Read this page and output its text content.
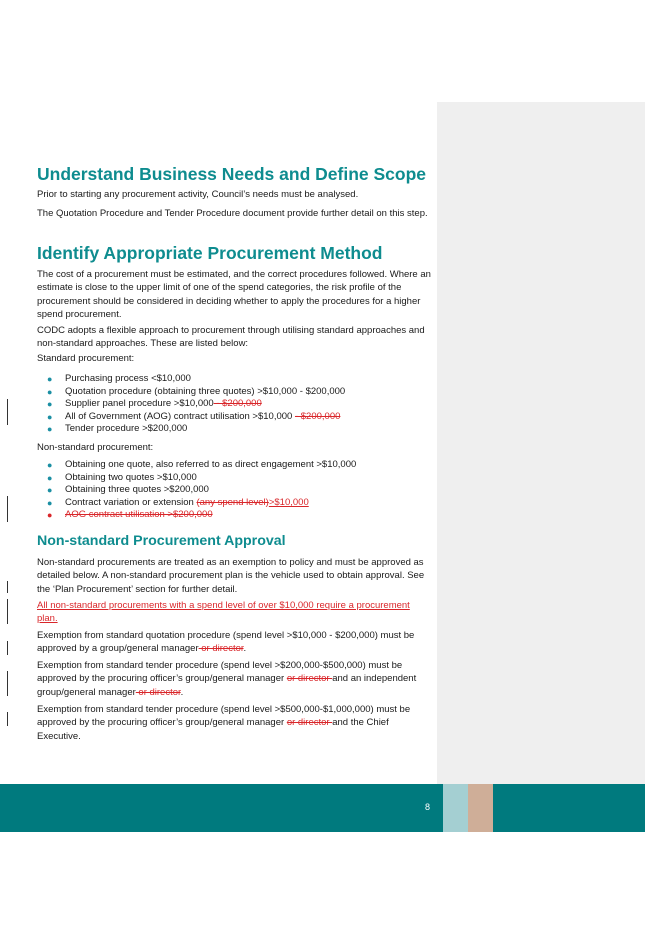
Understand Business Needs and Define Scope

Prior to starting any procurement activity, Council’s needs must be analysed.

The Quotation Procedure and Tender Procedure document provide further detail on this step.

Identify Appropriate Procurement Method

The cost of a procurement must be estimated, and the correct procedures followed. Where an estimate is close to the upper limit of one of the spend categories, the risk profile of the procurement should be considered in deciding whether to apply the procedures for a higher spend procurement.

CODC adopts a flexible approach to procurement through utilising standard approaches and non-standard approaches. These are listed below:

Standard procurement:

● Purchasing process <$10,000
● Quotation procedure (obtaining three quotes) >$10,000 - $200,000
● Supplier panel procedure >$10,000 - $200,000
● All of Government (AOG) contract utilisation >$10,000 - $200,000
● Tender procedure >$200,000

Non-standard procurement:

● Obtaining one quote, also referred to as direct engagement >$10,000
● Obtaining two quotes >$10,000
● Obtaining three quotes >$200,000
● Contract variation or extension (any spend level)>$10,000
● AOG contract utilisation >$200,000
Non-standard Procurement Approval

Non-standard procurements are treated as an exemption to policy and must be approved as detailed below. A non-standard procurement plan is the vehicle used to obtain approval. See the ‘Plan Procurement’ section for further detail.

All non-standard procurements with a spend level of over $10,000 require a procurement plan.

Exemption from standard quotation procedure (spend level >$10,000 - $200,000) must be approved by a group/general manager or director.

Exemption from standard tender procedure (spend level >$200,000-$500,000) must be approved by the procuring officer’s group/general manager or director and an independent group/general manager or director.

Exemption from standard tender procedure (spend level >$500,000-$1,000,000) must be approved by the procuring officer’s group/general manager or director and the Chief Executive.

8
